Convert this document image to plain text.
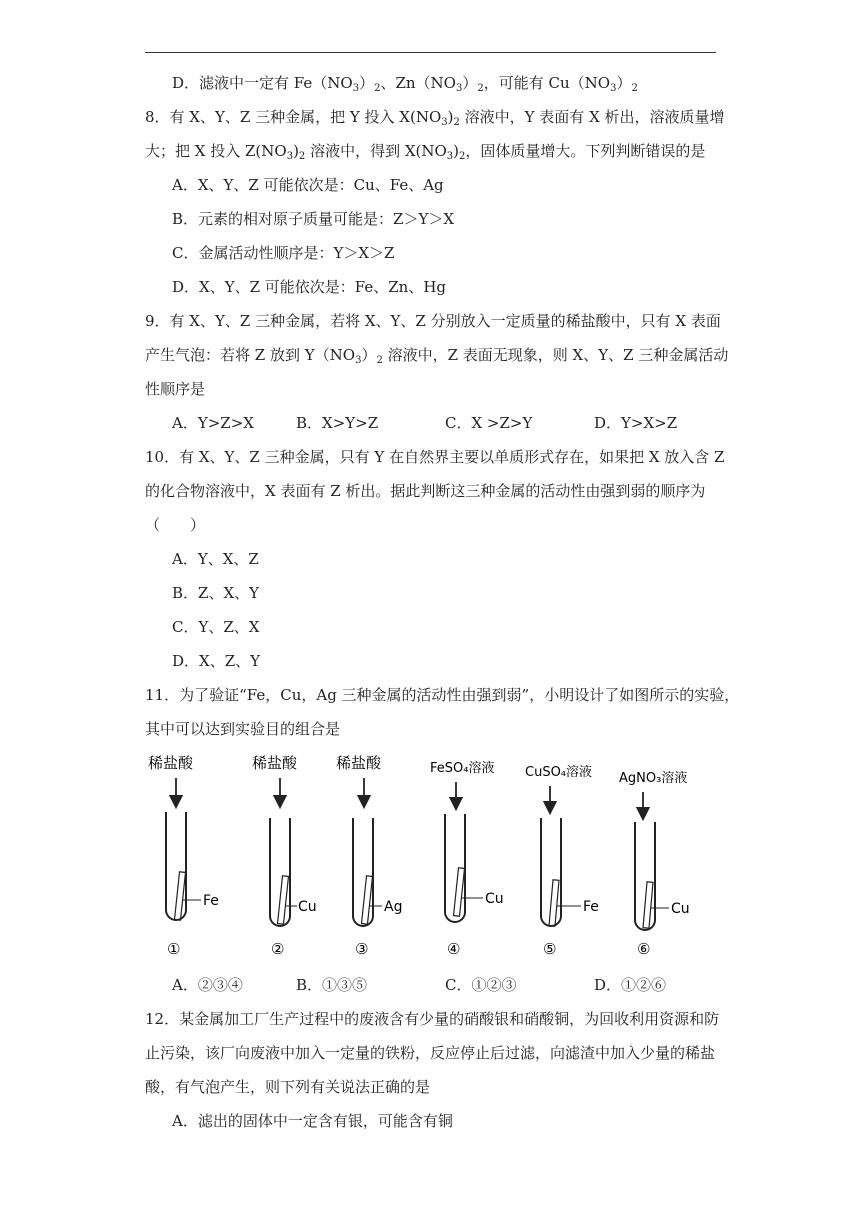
D．滤液中一定有 $Fe(NO_3)_2$、$Zn(NO_3)_2$，可能有 $Cu(NO_3)_2$
8．有 X、Y、Z 三种金属，把 Y 投入 $X(NO_3)_2$ 溶液中，Y 表面有 X 析出，溶液质量增
大；把 X 投入 $Z(NO_3)_2$ 溶液中，得到 $X(NO_3)_2$，固体质量增大。下列判断错误的是
A．X、Y、Z 可能依次是：Cu、Fe、Ag
B．元素的相对原子质量可能是：Z＞Y＞X
C．金属活动性顺序是：Y＞X＞Z
D．X、Y、Z 可能依次是：Fe、Zn、Hg
9．有 X、Y、Z 三种金属，若将 X、Y、Z 分别放入一定质量的稀盐酸中，只有 X 表面
产生气泡：若将 Z 放到 $Y(NO_3)_2$ 溶液中，Z 表面无现象，则 X、Y、Z 三种金属活动
性顺序是
A．Y>Z>X	B．X>Y>Z	C．X >Z>Y	D．Y>X>Z
10．有 X、Y、Z 三种金属，只有 Y 在自然界主要以单质形式存在，如果把 X 放入含 Z
的化合物溶液中，X 表面有 Z 析出。据此判断这三种金属的活动性由强到弱的顺序为
（　　）
A．Y、X、Z
B．Z、X、Y
C．Y、Z、X
D．X、Z、Y
11．为了验证“Fe，Cu，Ag 三种金属的活动性由强到弱”，小明设计了如图所示的实验，
其中可以达到实验目的组合是
稀盐酸
Fe
①
稀盐酸
Cu
②
稀盐酸
Ag
③
FeSO₄溶液
Cu
④
CuSO₄溶液
Fe
⑤
AgNO₃溶液
Cu
⑥
A．②③④	B．①③⑤	C．①②③	D．①②⑥
12．某金属加工厂生产过程中的废液含有少量的硝酸银和硝酸铜，为回收利用资源和防
止污染，该厂向废液中加入一定量的铁粉，反应停止后过滤，向滤渣中加入少量的稀盐
酸，有气泡产生，则下列有关说法正确的是
A．滤出的固体中一定含有银，可能含有铜
